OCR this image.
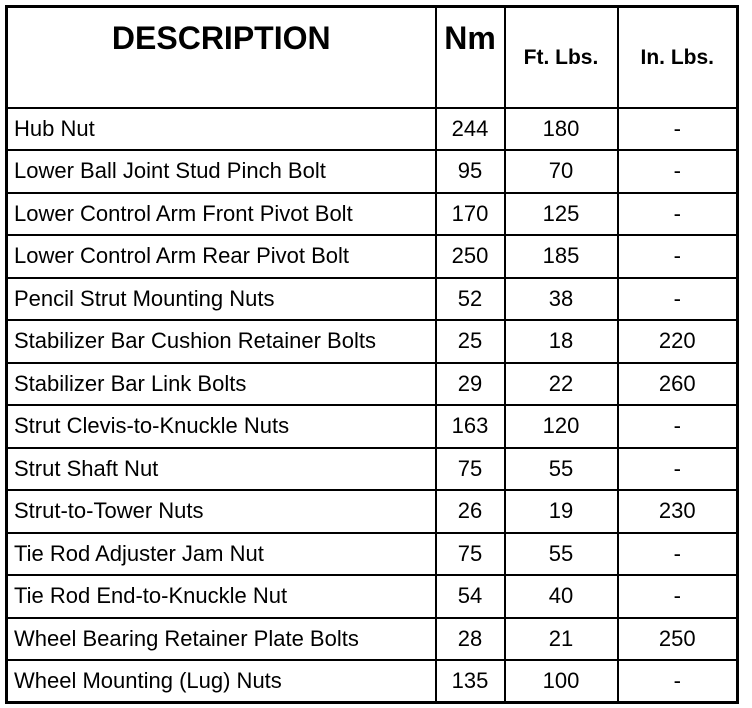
DESCRIPTION	Nm	Ft. Lbs.	In. Lbs.

Hub Nut	244	180	-
Lower Ball Joint Stud Pinch Bolt	95	70	-
Lower Control Arm Front Pivot Bolt	170	125	-
Lower Control Arm Rear Pivot Bolt	250	185	-
Pencil Strut Mounting Nuts	52	38	-
Stabilizer Bar Cushion Retainer Bolts	25	18	220
Stabilizer Bar Link Bolts	29	22	260
Strut Clevis-to-Knuckle Nuts	163	120	-
Strut Shaft Nut	75	55	-
Strut-to-Tower Nuts	26	19	230
Tie Rod Adjuster Jam Nut	75	55	-
Tie Rod End-to-Knuckle Nut	54	40	-
Wheel Bearing Retainer Plate Bolts	28	21	250
Wheel Mounting (Lug) Nuts	135	100	-
